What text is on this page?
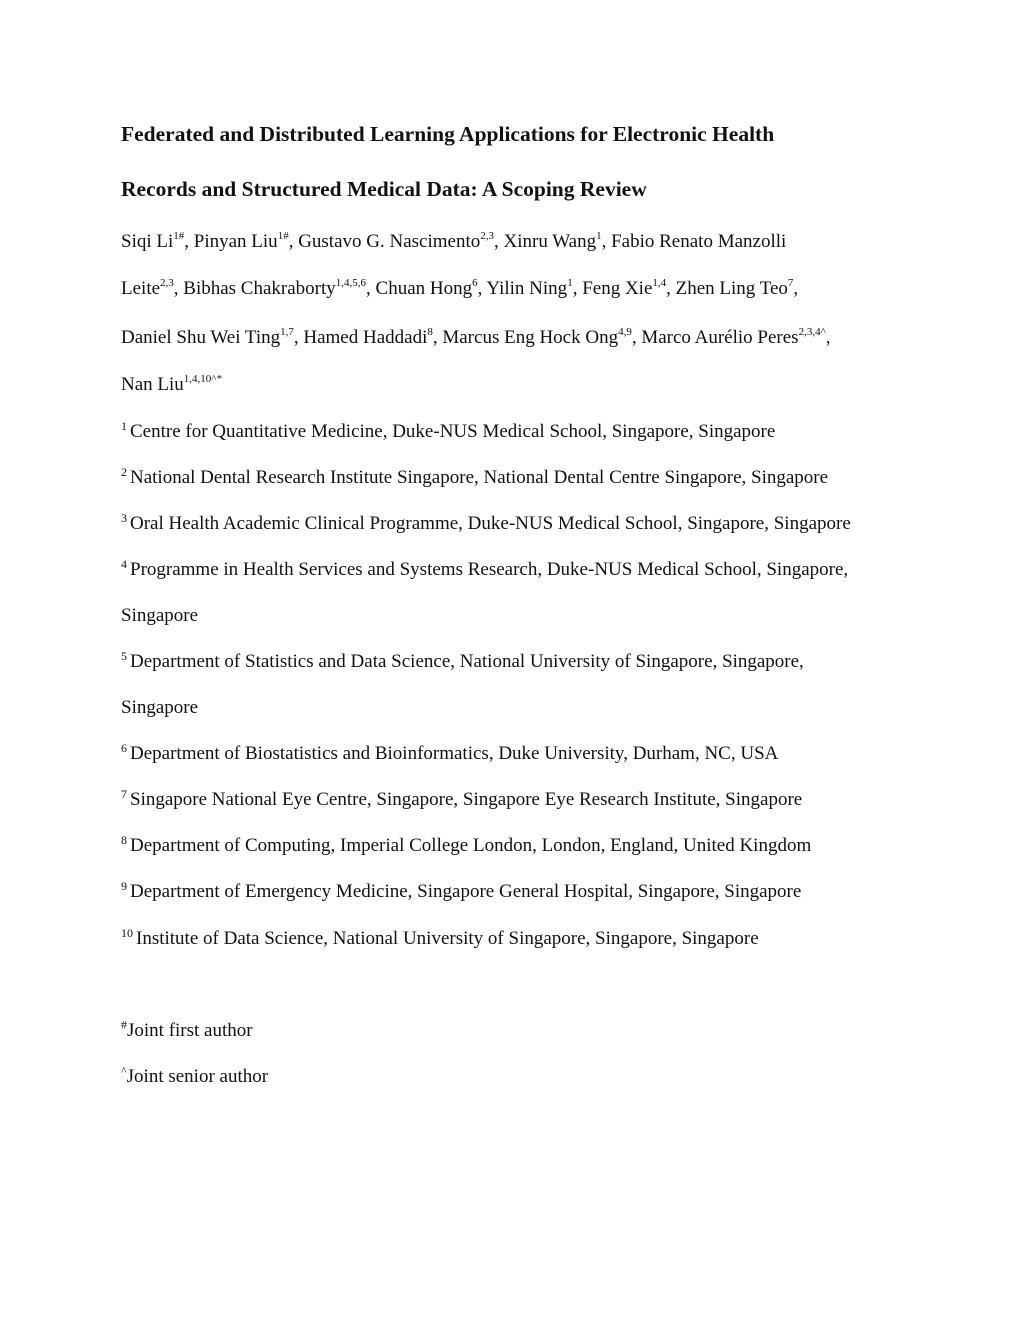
Federated and Distributed Learning Applications for Electronic Health
Records and Structured Medical Data: A Scoping Review
Siqi $Li^{1\#}$, Pinyan Liu$^{1\#}$, Gustavo G. Nascimento$^{2,3}$, Xinru Wang$^1$, Fabio Renato Manzolli
Leite$^{2,3}$, Bibhas Chakraborty$^{1,4,5,6}$, Chuan Hong$^6$, Yilin Ning$^1$, Feng Xie$^{1,4}$, Zhen Ling Teo$^7$,
Daniel Shu Wei Ting$^{1,7}$, Hamed Haddadi$^8$, Marcus Eng Hock Ong$^{4,9}$, Marco Aurélio Peres$^{2,3,4\^{}}$,
Nan Liu$^{1,4,10\^{}*}$
$^1$ Centre for Quantitative Medicine, Duke-NUS Medical School, Singapore, Singapore
$^2$ National Dental Research Institute Singapore, National Dental Centre Singapore, Singapore
$^3$ Oral Health Academic Clinical Programme, Duke-NUS Medical School, Singapore, Singapore
$^4$ Programme in Health Services and Systems Research, Duke-NUS Medical School, Singapore,
Singapore
$^5$ Department of Statistics and Data Science, National University of Singapore, Singapore,
Singapore
$^6$ Department of Biostatistics and Bioinformatics, Duke University, Durham, NC, USA
$^7$ Singapore National Eye Centre, Singapore, Singapore Eye Research Institute, Singapore
$^8$ Department of Computing, Imperial College London, London, England, United Kingdom
$^9$ Department of Emergency Medicine, Singapore General Hospital, Singapore, Singapore
$^{10}$ Institute of Data Science, National University of Singapore, Singapore, Singapore
#Joint first author
^Joint senior author
